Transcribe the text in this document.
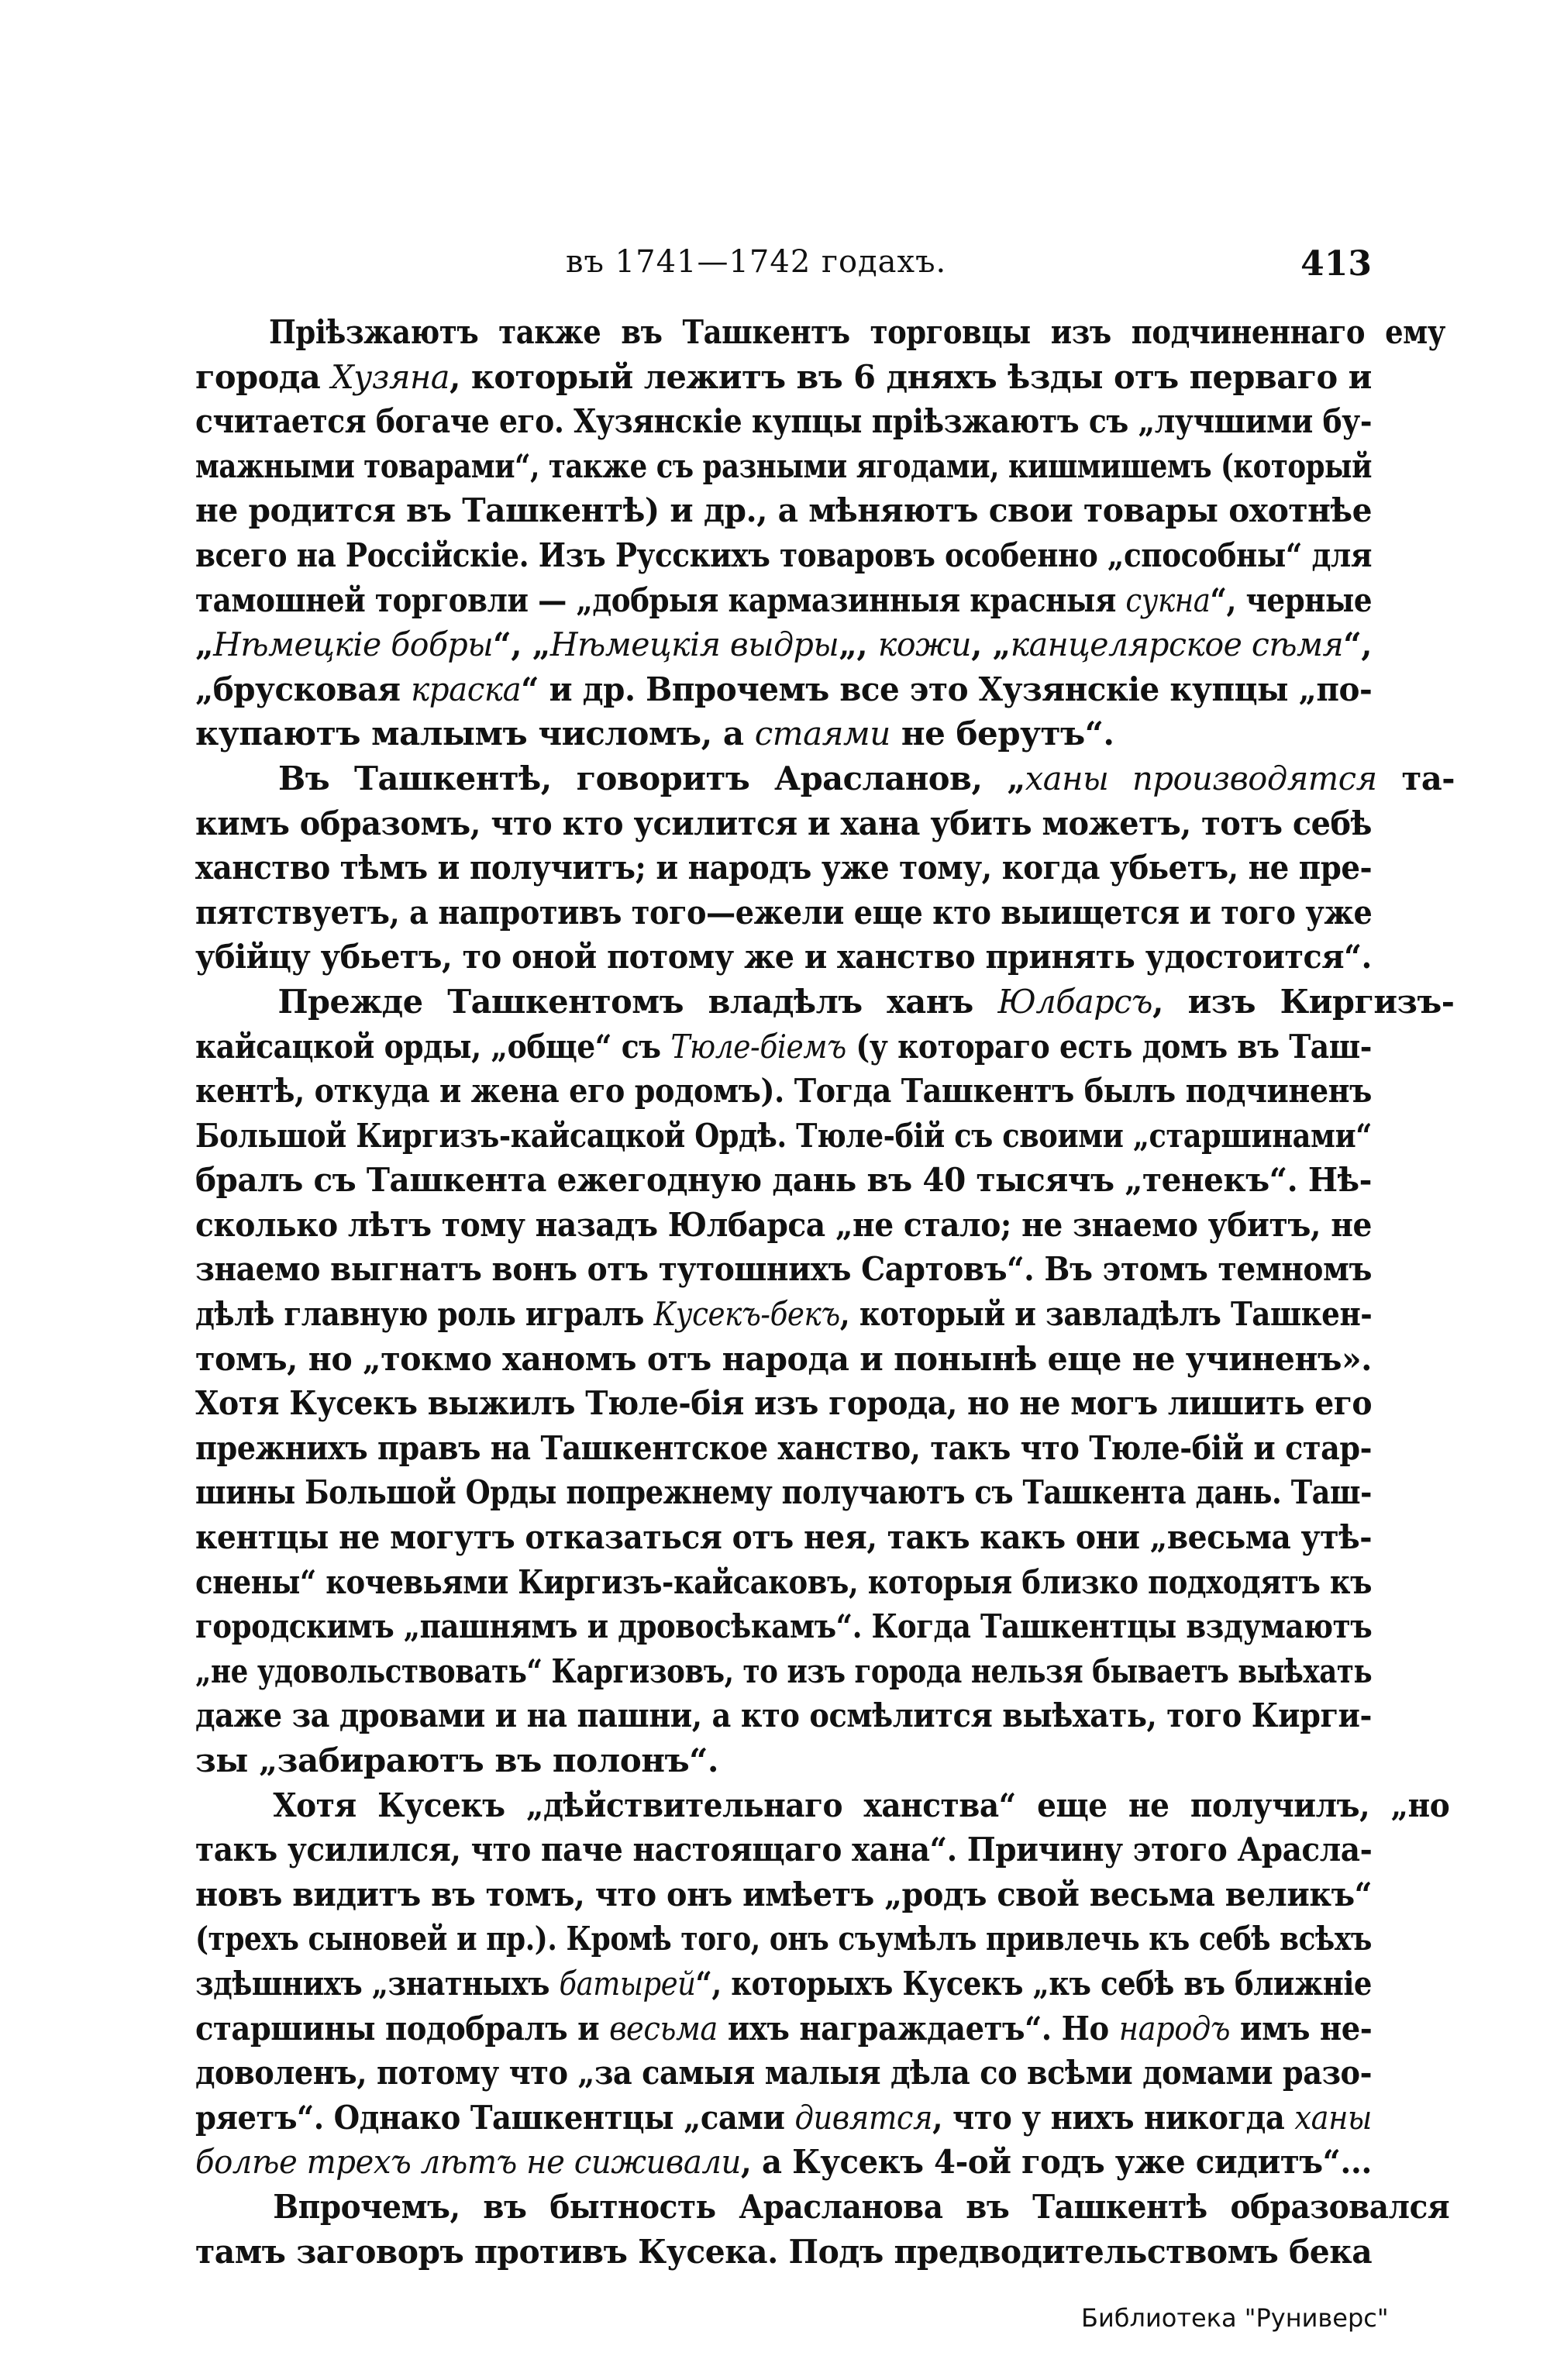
въ 1741—1742 годахъ.	413
Пріѣзжаютъ также въ Ташкентъ торговцы изъ подчиненнаго ему
города Хузяна, который лежитъ въ 6 дняхъ ѣзды отъ перваго и
считается богаче его. Хузянскіе купцы пріѣзжаютъ съ „лучшими бу-
мажными товарами“, также съ разными ягодами, кишмишемъ (который
не родится въ Ташкентѣ) и др., а мѣняютъ свои товары охотнѣе
всего на Россійскіе. Изъ Русскихъ товаровъ особенно „способны“ для
тамошней торговли — „добрыя кармазинныя красныя сукна“, черные
„Нѣмецкіе бобры“, „Нѣмецкія выдры„, кожи, „канцелярское сѣмя“,
„брусковая краска“ и др. Впрочемъ все это Хузянскіе купцы „по-
купаютъ малымъ числомъ, а стаями не берутъ“.
Въ Ташкентѣ, говоритъ Арасланов, „ханы производятся та-
кимъ образомъ, что кто усилится и хана убить можетъ, тотъ себѣ
ханство тѣмъ и получитъ; и народъ уже тому, когда убьетъ, не пре-
пятствуетъ, а напротивъ того—ежели еще кто выищется и того уже
убійцу убьетъ, то оной потому же и ханство принять удостоится“.
Прежде Ташкентомъ владѣлъ ханъ Юлбарсъ, изъ Киргизъ-
кайсацкой орды, „обще“ съ Тюле-біемъ (у котораго есть домъ въ Таш-
кентѣ, откуда и жена его родомъ). Тогда Ташкентъ былъ подчиненъ
Большой Киргизъ-кайсацкой Ордѣ. Тюле-бій съ своими „старшинами“
бралъ съ Ташкента ежегодную дань въ 40 тысячъ „тенекъ“. Нѣ-
сколько лѣтъ тому назадъ Юлбарса „не стало; не знаемо убитъ, не
знаемо выгнатъ вонъ отъ тутошнихъ Сартовъ“. Въ этомъ темномъ
дѣлѣ главную роль игралъ Кусекъ-бекъ, который и завладѣлъ Ташкен-
томъ, но „токмо ханомъ отъ народа и понынѣ еще не учиненъ».
Хотя Кусекъ выжилъ Тюле-бія изъ города, но не могъ лишить его
прежнихъ правъ на Ташкентское ханство, такъ что Тюле-бій и стар-
шины Большой Орды попрежнему получаютъ съ Ташкента дань. Таш-
кентцы не могутъ отказаться отъ нея, такъ какъ они „весьма утѣ-
снены“ кочевьями Киргизъ-кайсаковъ, которыя близко подходятъ къ
городскимъ „пашнямъ и дровосѣкамъ“. Когда Ташкентцы вздумаютъ
„не удовольствовать“ Каргизовъ, то изъ города нельзя бываетъ выѣхать
даже за дровами и на пашни, а кто осмѣлится выѣхать, того Кирги-
зы „забираютъ въ полонъ“.
Хотя Кусекъ „дѣйствительнаго ханства“ еще не получилъ, „но
такъ усилился, что паче настоящаго хана“. Причину этого Арасла-
новъ видитъ въ томъ, что онъ имѣетъ „родъ свой весьма великъ“
(трехъ сыновей и пр.). Кромѣ того, онъ съумѣлъ привлечь къ себѣ всѣхъ
здѣшнихъ „знатныхъ батырей“, которыхъ Кусекъ „къ себѣ въ ближніе
старшины подобралъ и весьма ихъ награждаетъ“. Но народъ имъ не-
доволенъ, потому что „за самыя малыя дѣла со всѣми домами разо-
ряетъ“. Однако Ташкентцы „сами дивятся, что у нихъ никогда ханы
болѣе трехъ лѣтъ не сиживали, а Кусекъ 4-ой годъ уже сидитъ“...
Впрочемъ, въ бытность Арасланова въ Ташкентѣ образовался
тамъ заговоръ противъ Кусека. Подъ предводительствомъ бека
Библиотека "Руниверс"
